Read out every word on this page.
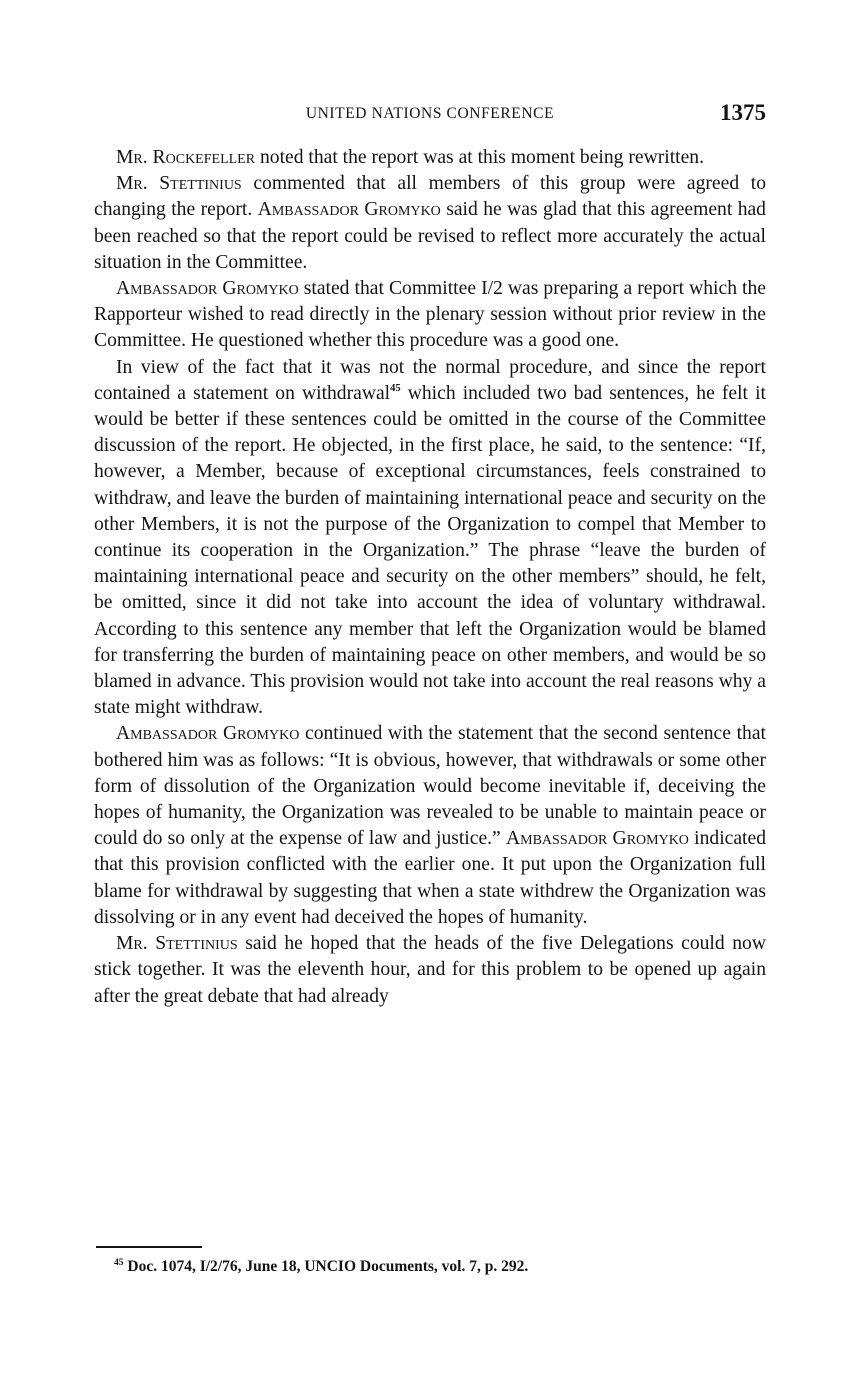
UNITED NATIONS CONFERENCE	1375

Mr. Rockefeller noted that the report was at this moment being rewritten.

Mr. Stettinius commented that all members of this group were agreed to changing the report. Ambassador Gromyko said he was glad that this agreement had been reached so that the report could be revised to reflect more accurately the actual situation in the Committee.

Ambassador Gromyko stated that Committee I/2 was preparing a report which the Rapporteur wished to read directly in the plenary session without prior review in the Committee. He questioned whether this procedure was a good one.

In view of the fact that it was not the normal procedure, and since the report contained a statement on withdrawal$^{45}$ which included two bad sentences, he felt it would be better if these sentences could be omitted in the course of the Committee discussion of the report. He objected, in the first place, he said, to the sentence: “If, however, a Member, because of exceptional circumstances, feels constrained to withdraw, and leave the burden of maintaining international peace and security on the other Members, it is not the purpose of the Organization to compel that Member to continue its cooperation in the Organization.” The phrase “leave the burden of maintaining international peace and security on the other members” should, he felt, be omitted, since it did not take into account the idea of voluntary withdrawal. According to this sentence any member that left the Organization would be blamed for transferring the burden of maintaining peace on other members, and would be so blamed in advance. This provision would not take into account the real reasons why a state might withdraw.

Ambassador Gromyko continued with the statement that the second sentence that bothered him was as follows: “It is obvious, however, that withdrawals or some other form of dissolution of the Organization would become inevitable if, deceiving the hopes of humanity, the Organization was revealed to be unable to maintain peace or could do so only at the expense of law and justice.” Ambassador Gromyko indicated that this provision conflicted with the earlier one. It put upon the Organization full blame for withdrawal by suggesting that when a state withdrew the Organization was dissolving or in any event had deceived the hopes of humanity.

Mr. Stettinius said he hoped that the heads of the five Delegations could now stick together. It was the eleventh hour, and for this problem to be opened up again after the great debate that had already

$^{45}$ Doc. 1074, I/2/76, June 18, UNCIO Documents, vol. 7, p. 292.
